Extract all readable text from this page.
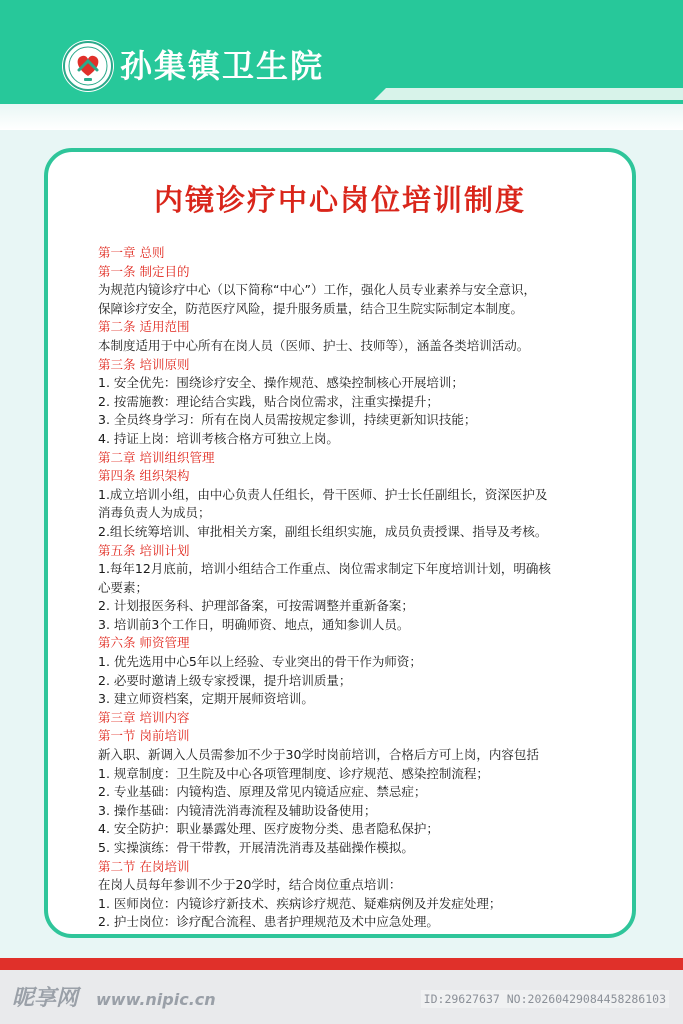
孙集镇卫生院
内镜诊疗中心岗位培训制度
第一章 总则
第一条 制定目的
为规范内镜诊疗中心（以下简称“中心”）工作，强化人员专业素养与安全意识，
保障诊疗安全，防范医疗风险，提升服务质量，结合卫生院实际制定本制度。
第二条 适用范围
本制度适用于中心所有在岗人员（医师、护士、技师等），涵盖各类培训活动。
第三条 培训原则
1. 安全优先：围绕诊疗安全、操作规范、感染控制核心开展培训；
2. 按需施教：理论结合实践，贴合岗位需求，注重实操提升；
3. 全员终身学习：所有在岗人员需按规定参训，持续更新知识技能；
4. 持证上岗：培训考核合格方可独立上岗。
第二章 培训组织管理
第四条 组织架构
1.成立培训小组，由中心负责人任组长，骨干医师、护士长任副组长，资深医护及
消毒负责人为成员；
2.组长统筹培训、审批相关方案，副组长组织实施，成员负责授课、指导及考核。
第五条 培训计划
1.每年12月底前，培训小组结合工作重点、岗位需求制定下年度培训计划，明确核
心要素；
2. 计划报医务科、护理部备案，可按需调整并重新备案；
3. 培训前3个工作日，明确师资、地点，通知参训人员。
第六条 师资管理
1. 优先选用中心5年以上经验、专业突出的骨干作为师资；
2. 必要时邀请上级专家授课，提升培训质量；
3. 建立师资档案，定期开展师资培训。
第三章 培训内容
第一节 岗前培训
新入职、新调入人员需参加不少于30学时岗前培训，合格后方可上岗，内容包括
1. 规章制度：卫生院及中心各项管理制度、诊疗规范、感染控制流程；
2. 专业基础：内镜构造、原理及常见内镜适应症、禁忌症；
3. 操作基础：内镜清洗消毒流程及辅助设备使用；
4. 安全防护：职业暴露处理、医疗废物分类、患者隐私保护；
5. 实操演练：骨干带教，开展清洗消毒及基础操作模拟。
第二节 在岗培训
在岗人员每年参训不少于20学时，结合岗位重点培训：
1. 医师岗位：内镜诊疗新技术、疾病诊疗规范、疑难病例及并发症处理；
2. 护士岗位：诊疗配合流程、患者护理规范及术中应急处理。
昵享网 www.nipic.cn	ID:29627637 NO:20260429084458286103
